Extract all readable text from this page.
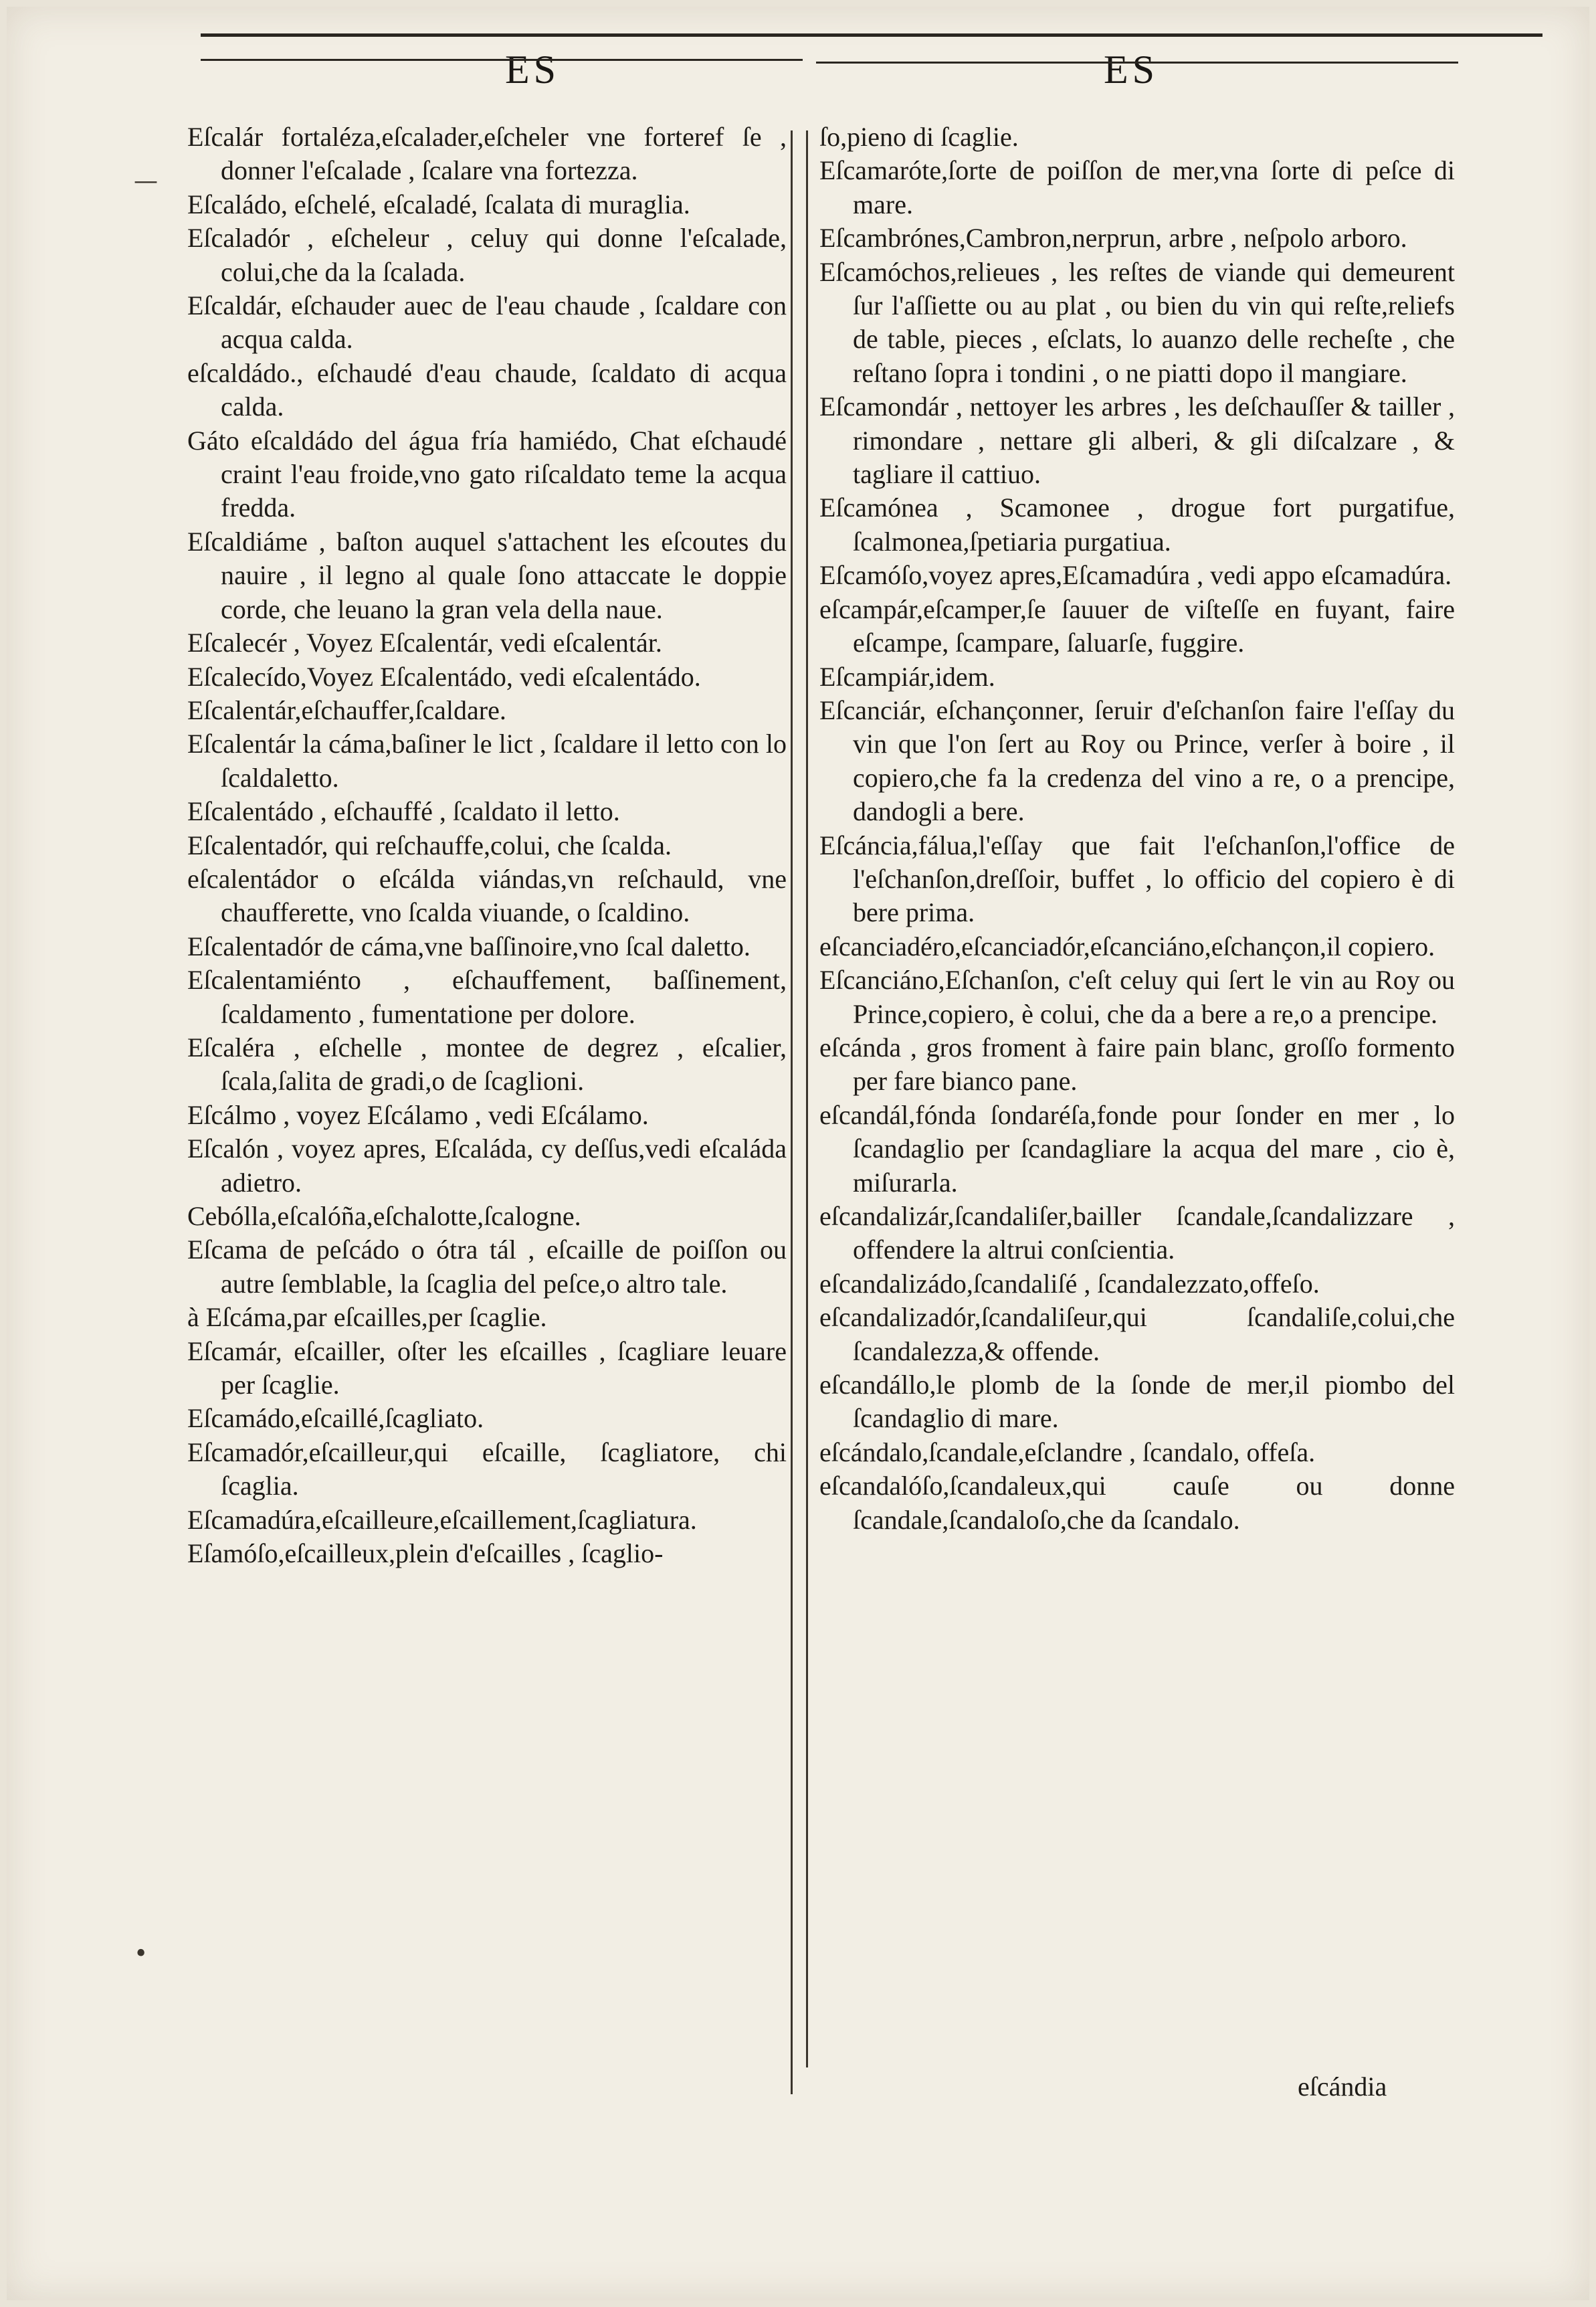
ES	ES
Eſcalár fortaléza,eſcalader,eſcheler vne forteref ſe , donner l'eſcalade , ſcalare vna fortezza.
Eſcaládo, eſchelé, eſcaladé, ſcalata di muraglia.
Eſcaladór , eſcheleur , celuy qui donne l'eſcalade, colui,che da la ſcalada.
Eſcaldár, eſchauder auec de l'eau chaude , ſcaldare con acqua calda.
eſcaldádo., eſchaudé d'eau chaude, ſcaldato di acqua calda.
Gáto eſcaldádo del água fría hamiédo, Chat eſchaudé craint l'eau froide,vno gato riſcaldato teme la acqua fredda.
Eſcaldiáme , baſton auquel s'attachent les eſcoutes du nauire , il legno al quale ſono attaccate le doppie corde, che leuano la gran vela della naue.
Eſcalecér , Voyez Eſcalentár, vedi eſcalentár.
Eſcalecído,Voyez Eſcalentádo, vedi eſcalentádo.
Eſcalentár,eſchauffer,ſcaldare.
Eſcalentár la cáma,baſiner le lict , ſcaldare il letto con lo ſcaldaletto.
Eſcalentádo , eſchauffé , ſcaldato il letto.
Eſcalentadór, qui reſchauffe,colui, che ſcalda.
eſcalentádor o eſcálda viándas,vn reſchauld, vne chaufferette, vno ſcalda viuande, o ſcaldino.
Eſcalentadór de cáma,vne baſſinoire,vno ſcal daletto.
Eſcalentamiénto , eſchauffement, baſſinement, ſcaldamento , fumentatione per dolore.
Eſcaléra , eſchelle , montee de degrez , eſcalier, ſcala,ſalita de gradi,o de ſcaglioni.
Eſcálmo , voyez Eſcálamo , vedi Eſcálamo.
Eſcalón , voyez apres, Eſcaláda, cy deſſus,vedi eſcaláda adietro.
Cebólla,eſcalóña,eſchalotte,ſcalogne.
Eſcama de peſcádo o ótra tál , eſcaille de poiſſon ou autre ſemblable, la ſcaglia del peſce,o altro tale.
à Eſcáma,par eſcailles,per ſcaglie.
Eſcamár, eſcailler, oſter les eſcailles , ſcagliare leuare per ſcaglie.
Eſcamádo,eſcaillé,ſcagliato.
Eſcamadór,eſcailleur,qui eſcaille, ſcagliatore, chi ſcaglia.
Eſcamadúra,eſcailleure,eſcaillement,ſcagliatura.
Eſamóſo,eſcailleux,plein d'eſcailles , ſcaglio-
ſo,pieno di ſcaglie.
Eſcamaróte,ſorte de poiſſon de mer,vna ſorte di peſce di mare.
Eſcambrónes,Cambron,nerprun, arbre , neſpolo arboro.
Eſcamóchos,relieues , les reſtes de viande qui demeurent ſur l'aſſiette ou au plat , ou bien du vin qui reſte,reliefs de table, pieces , eſclats, lo auanzo delle recheſte , che reſtano ſopra i tondini , o ne piatti dopo il mangiare.
Eſcamondár , nettoyer les arbres , les deſchauſſer & tailler , rimondare , nettare gli alberi, & gli diſcalzare , & tagliare il cattiuo.
Eſcamónea , Scamonee , drogue fort purgatifue, ſcalmonea,ſpetiaria purgatiua.
Eſcamóſo,voyez apres,Eſcamadúra , vedi appo eſcamadúra.
eſcampár,eſcamper,ſe ſauuer de viſteſſe en fuyant, faire eſcampe, ſcampare, ſaluarſe, fuggire.
Eſcampiár,idem.
Eſcanciár, eſchançonner, ſeruir d'eſchanſon faire l'eſſay du vin que l'on ſert au Roy ou Prince, verſer à boire , il copiero,che fa la credenza del vino a re, o a prencipe, dandogli a bere.
Eſcáncia,fálua,l'eſſay que fait l'eſchanſon,l'office de l'eſchanſon,dreſſoir, buffet , lo officio del copiero è di bere prima.
eſcanciadéro,eſcanciadór,eſcanciáno,eſchançon,il copiero.
Eſcanciáno,Eſchanſon, c'eſt celuy qui ſert le vin au Roy ou Prince,copiero, è colui, che da a bere a re,o a prencipe.
eſcánda , gros froment à faire pain blanc, groſſo formento per fare bianco pane.
eſcandál,fónda ſondaréſa,fonde pour ſonder en mer , lo ſcandaglio per ſcandagliare la acqua del mare , cio è, miſurarla.
eſcandalizár,ſcandaliſer,bailler ſcandale,ſcandalizzare , offendere la altrui conſcientia.
eſcandalizádo,ſcandaliſé , ſcandalezzato,offeſo.
eſcandalizadór,ſcandaliſeur,qui ſcandaliſe,colui,che ſcandalezza,& offende.
eſcandállo,le plomb de la ſonde de mer,il piombo del ſcandaglio di mare.
eſcándalo,ſcandale,eſclandre , ſcandalo, offeſa.
eſcandalóſo,ſcandaleux,qui cauſe ou donne ſcandale,ſcandaloſo,che da ſcandalo.
eſcándia
—
•
